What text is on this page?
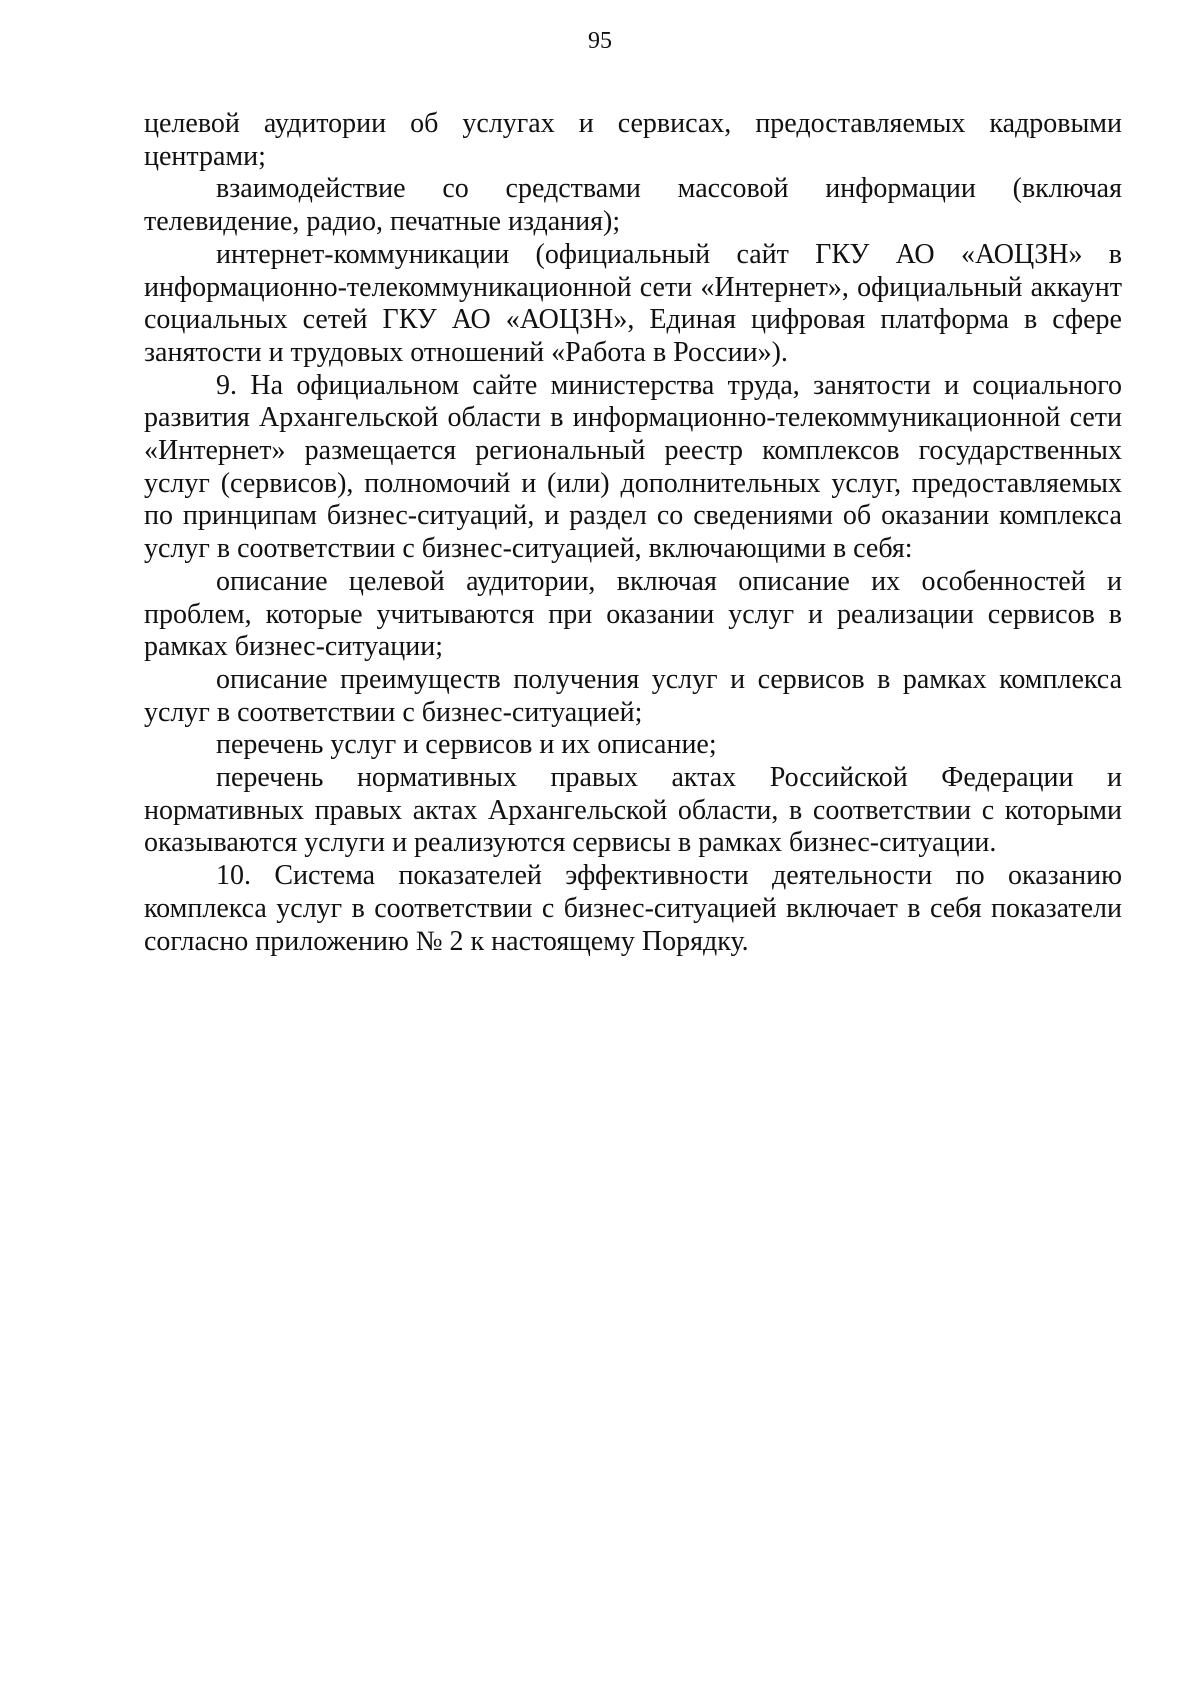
95

целевой аудитории об услугах и сервисах, предоставляемых кадровыми центрами;

взаимодействие со средствами массовой информации (включая телевидение, радио, печатные издания);

интернет-коммуникации (официальный сайт ГКУ АО «АОЦЗН» в информационно-телекоммуникационной сети «Интернет», официальный аккаунт социальных сетей ГКУ АО «АОЦЗН», Единая цифровая платформа в сфере занятости и трудовых отношений «Работа в России»).

9. На официальном сайте министерства труда, занятости и социального развития Архангельской области в информационно-телекоммуникационной сети «Интернет» размещается региональный реестр комплексов государственных услуг (сервисов), полномочий и (или) дополнительных услуг, предоставляемых по принципам бизнес-ситуаций, и раздел со сведениями об оказании комплекса услуг в соответствии с бизнес-ситуацией, включающими в себя:

описание целевой аудитории, включая описание их особенностей и проблем, которые учитываются при оказании услуг и реализации сервисов в рамках бизнес-ситуации;

описание преимуществ получения услуг и сервисов в рамках комплекса услуг в соответствии с бизнес-ситуацией;

перечень услуг и сервисов и их описание;

перечень нормативных правых актах Российской Федерации и нормативных правых актах Архангельской области, в соответствии с которыми оказываются услуги и реализуются сервисы в рамках бизнес-ситуации.

10. Система показателей эффективности деятельности по оказанию комплекса услуг в соответствии с бизнес-ситуацией включает в себя показатели согласно приложению № 2 к настоящему Порядку.
